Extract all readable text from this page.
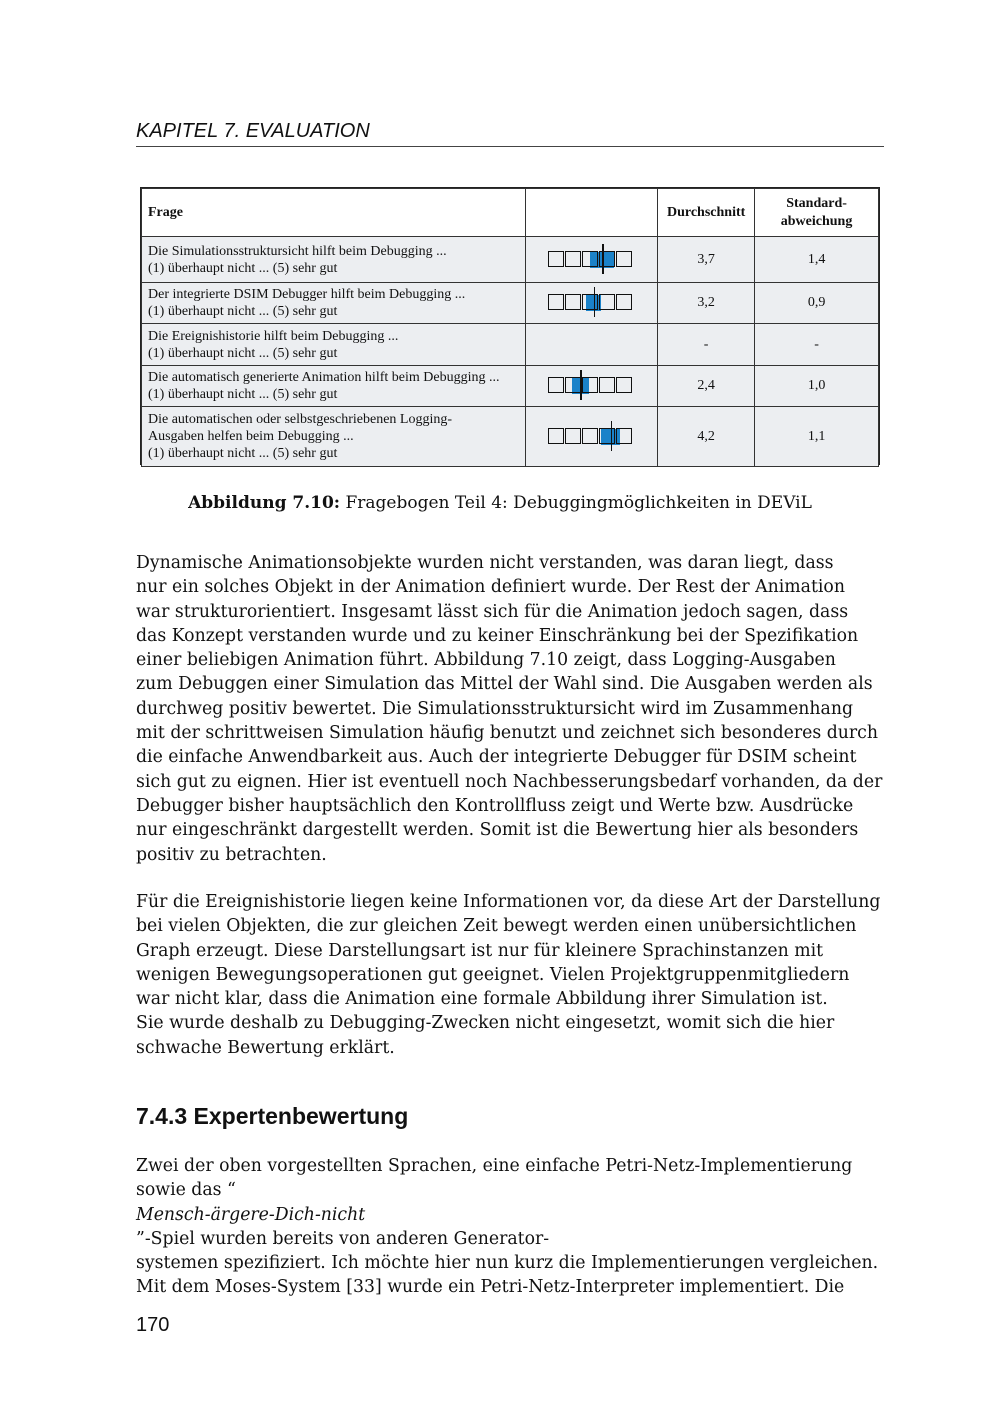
KAPITEL 7. EVALUATION
Frage		Durchschnitt	Standard-
abweichung

Die Simulationsstruktursicht hilft beim Debugging ...
(1) überhaupt nicht ... (5) sehr gut		3,7	1,4

Der integrierte DSIM Debugger hilft beim Debugging ...
(1) überhaupt nicht ... (5) sehr gut		3,2	0,9

Die Ereignishistorie hilft beim Debugging ...
(1) überhaupt nicht ... (5) sehr gut		-	-

Die automatisch generierte Animation hilft beim Debugging ...
(1) überhaupt nicht ... (5) sehr gut		2,4	1,0

Die automatischen oder selbstgeschriebenen Logging-
Ausgaben helfen beim Debugging ...
(1) überhaupt nicht ... (5) sehr gut		4,2	1,1
Abbildung 7.10: Fragebogen Teil 4: Debuggingmöglichkeiten in DEViL
Dynamische Animationsobjekte wurden nicht verstanden, was daran liegt, dass
nur ein solches Objekt in der Animation definiert wurde. Der Rest der Animation
war strukturorientiert. Insgesamt lässt sich für die Animation jedoch sagen, dass
das Konzept verstanden wurde und zu keiner Einschränkung bei der Spezifikation
einer beliebigen Animation führt. Abbildung 7.10 zeigt, dass Logging-Ausgaben
zum Debuggen einer Simulation das Mittel der Wahl sind. Die Ausgaben werden als
durchweg positiv bewertet. Die Simulationsstruktursicht wird im Zusammenhang
mit der schrittweisen Simulation häufig benutzt und zeichnet sich besonderes durch
die einfache Anwendbarkeit aus. Auch der integrierte Debugger für DSIM scheint
sich gut zu eignen. Hier ist eventuell noch Nachbesserungsbedarf vorhanden, da der
Debugger bisher hauptsächlich den Kontrollfluss zeigt und Werte bzw. Ausdrücke
nur eingeschränkt dargestellt werden. Somit ist die Bewertung hier als besonders
positiv zu betrachten.
Für die Ereignishistorie liegen keine Informationen vor, da diese Art der Darstellung
bei vielen Objekten, die zur gleichen Zeit bewegt werden einen unübersichtlichen
Graph erzeugt. Diese Darstellungsart ist nur für kleinere Sprachinstanzen mit
wenigen Bewegungsoperationen gut geeignet. Vielen Projektgruppenmitgliedern
war nicht klar, dass die Animation eine formale Abbildung ihrer Simulation ist.
Sie wurde deshalb zu Debugging-Zwecken nicht eingesetzt, womit sich die hier
schwache Bewertung erklärt.
7.4.3 Expertenbewertung
Zwei der oben vorgestellten Sprachen, eine einfache Petri-Netz-Implementierung
sowie das “
Mensch-ärgere-Dich-nicht
”-Spiel wurden bereits von anderen Generator-
systemen spezifiziert. Ich möchte hier nun kurz die Implementierungen vergleichen.
Mit dem Moses-System [33] wurde ein Petri-Netz-Interpreter implementiert. Die
170
